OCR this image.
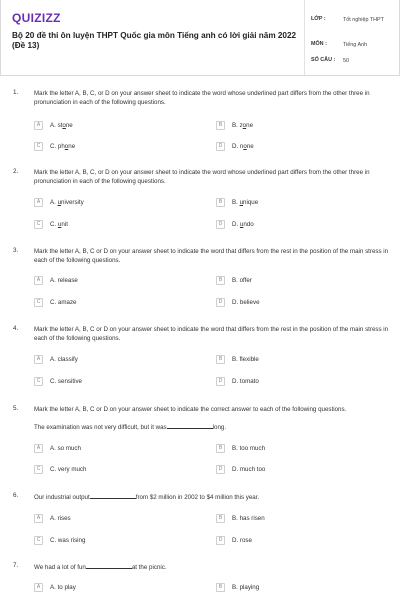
QUIZIZZ
Bộ 20 đề thi ôn luyện THPT Quốc gia môn Tiếng anh có lời giải năm 2022 (Đề 13)
LỚP :	Tốt nghiệp THPT
MÔN :	Tiếng Anh
SỐ CÂU : 50
1.	Mark the letter A, B, C, or D on your answer sheet to indicate the word whose underlined part differs from the other three in pronunciation in each of the following questions.
A	A. stone	B	B. zone
C	C. phone	D	D. none
2.	Mark the letter A, B, C, or D on your answer sheet to indicate the word whose underlined part differs from the other three in pronunciation in each of the following questions.
A	A. university	B	B. unique
C	C. unit	D	D. undo
3.	Mark the letter A, B, C or D on your answer sheet to indicate the word that differs from the rest in the position of the main stress in each of the following questions.
A	A. release	B	B. offer
C	C. amaze	D	D. believe
4.	Mark the letter A, B, C or D on your answer sheet to indicate the word that differs from the rest in the position of the main stress in each of the following questions.
A	A. classify	B	B. flexible
C	C. sensitive	D	D. tomato
5.	Mark the letter A, B, C or D on your answer sheet to indicate the correct answer to each of the following questions.
The examination was not very difficult, but it was	long.
A	A. so much	B	B. too much
C	C. very much	D	D. much too
6.	Our industrial output	from $2 million in 2002 to $4 million this year.
A	A. rises	B	B. has risen
C	C. was rising	D	D. rose
7.	We had a lot of fun	at the picnic.
A	A. to play	B	B. playing
